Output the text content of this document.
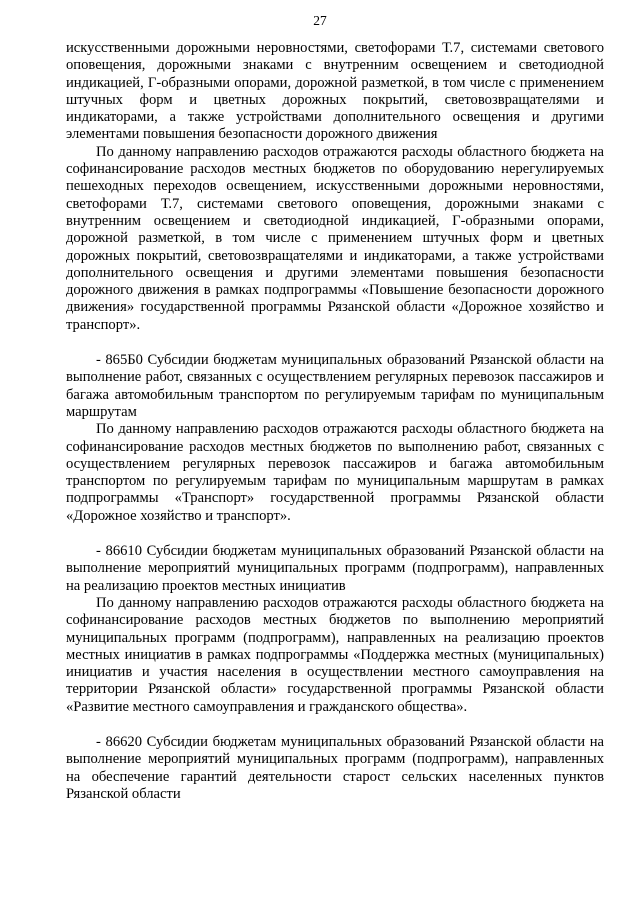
27

искусственными дорожными неровностями, светофорами Т.7, системами светового оповещения, дорожными знаками с внутренним освещением и светодиодной индикацией, Г-образными опорами, дорожной разметкой, в том числе с применением штучных форм и цветных дорожных покрытий, световозвращателями и индикаторами, а также устройствами дополнительного освещения и другими элементами повышения безопасности дорожного движения

По данному направлению расходов отражаются расходы областного бюджета на софинансирование расходов местных бюджетов по оборудованию нерегулируемых пешеходных переходов освещением, искусственными дорожными неровностями, светофорами Т.7, системами светового оповещения, дорожными знаками с внутренним освещением и светодиодной индикацией, Г-образными опорами, дорожной разметкой, в том числе с применением штучных форм и цветных дорожных покрытий, световозвращателями и индикаторами, а также устройствами дополнительного освещения и другими элементами повышения безопасности дорожного движения в рамках подпрограммы «Повышение безопасности дорожного движения» государственной программы Рязанской области «Дорожное хозяйство и транспорт».

- 865Б0 Субсидии бюджетам муниципальных образований Рязанской области на выполнение работ, связанных с осуществлением регулярных перевозок пассажиров и багажа автомобильным транспортом по регулируемым тарифам по муниципальным маршрутам

По данному направлению расходов отражаются расходы областного бюджета на софинансирование расходов местных бюджетов по выполнению работ, связанных с осуществлением регулярных перевозок пассажиров и багажа автомобильным транспортом по регулируемым тарифам по муниципальным маршрутам в рамках подпрограммы «Транспорт» государственной программы Рязанской области «Дорожное хозяйство и транспорт».

- 86610 Субсидии бюджетам муниципальных образований Рязанской области на выполнение мероприятий муниципальных программ (подпрограмм), направленных на реализацию проектов местных инициатив

По данному направлению расходов отражаются расходы областного бюджета на софинансирование расходов местных бюджетов по выполнению мероприятий муниципальных программ (подпрограмм), направленных на реализацию проектов местных инициатив в рамках подпрограммы «Поддержка местных (муниципальных) инициатив и участия населения в осуществлении местного самоуправления на территории Рязанской области» государственной программы Рязанской области «Развитие местного самоуправления и гражданского общества».

- 86620 Субсидии бюджетам муниципальных образований Рязанской области на выполнение мероприятий муниципальных программ (подпрограмм), направленных на обеспечение гарантий деятельности старост сельских населенных пунктов Рязанской области
